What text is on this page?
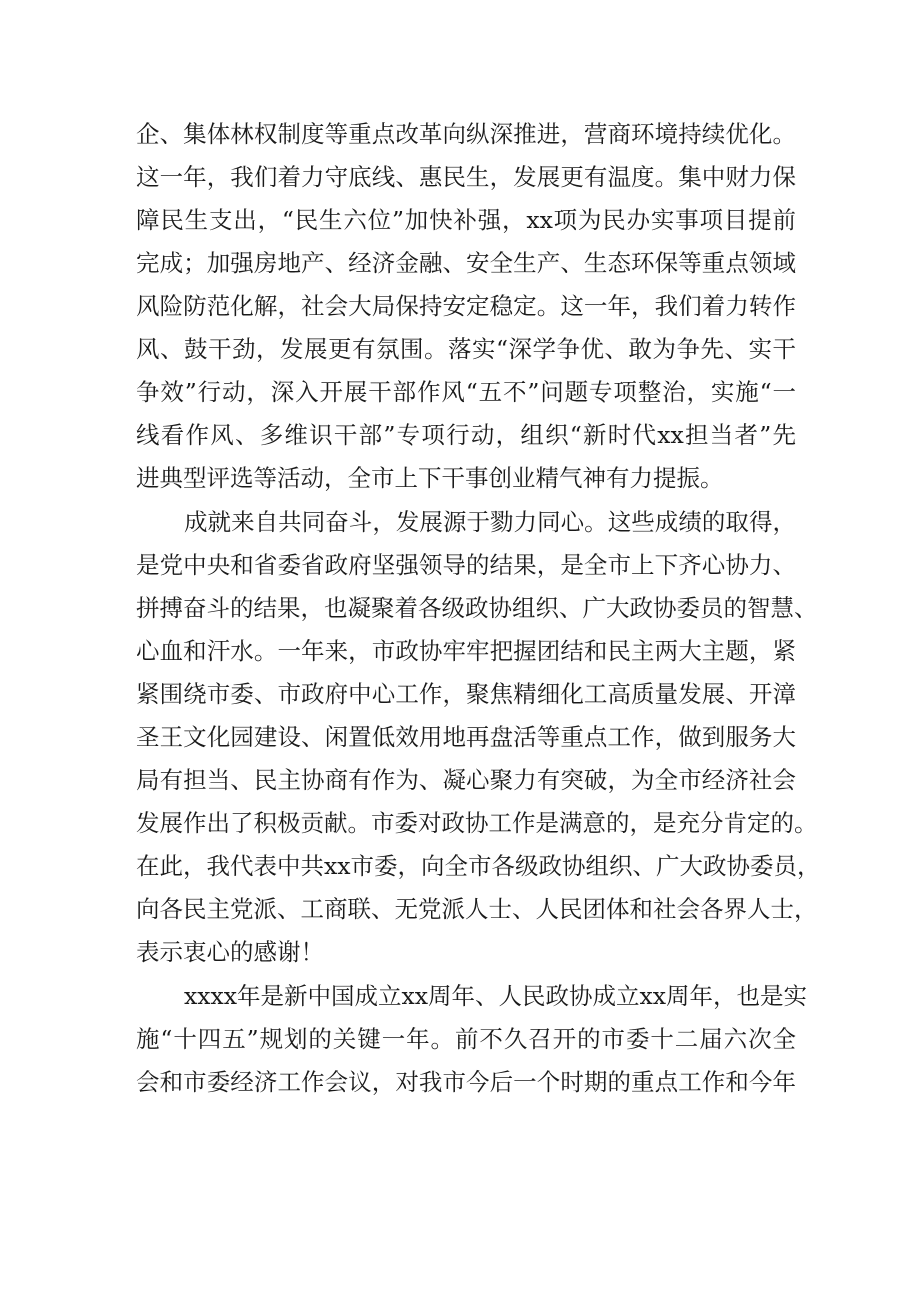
企、集体林权制度等重点改革向纵深推进，营商环境持续优化。
这一年，我们着力守底线、惠民生，发展更有温度。集中财力保
障民生支出，“民生六位”加快补强，xx项为民办实事项目提前
完成；加强房地产、经济金融、安全生产、生态环保等重点领域
风险防范化解，社会大局保持安定稳定。这一年，我们着力转作
风、鼓干劲，发展更有氛围。落实“深学争优、敢为争先、实干
争效”行动，深入开展干部作风“五不”问题专项整治，实施“一
线看作风、多维识干部”专项行动，组织“新时代xx担当者”先
进典型评选等活动，全市上下干事创业精气神有力提振。
成就来自共同奋斗，发展源于勠力同心。这些成绩的取得，
是党中央和省委省政府坚强领导的结果，是全市上下齐心协力、
拼搏奋斗的结果，也凝聚着各级政协组织、广大政协委员的智慧、
心血和汗水。一年来，市政协牢牢把握团结和民主两大主题，紧
紧围绕市委、市政府中心工作，聚焦精细化工高质量发展、开漳
圣王文化园建设、闲置低效用地再盘活等重点工作，做到服务大
局有担当、民主协商有作为、凝心聚力有突破，为全市经济社会
发展作出了积极贡献。市委对政协工作是满意的，是充分肯定的。
在此，我代表中共xx市委，向全市各级政协组织、广大政协委员，
向各民主党派、工商联、无党派人士、人民团体和社会各界人士，
表示衷心的感谢！
xxxx年是新中国成立xx周年、人民政协成立xx周年，也是实
施“十四五”规划的关键一年。前不久召开的市委十二届六次全
会和市委经济工作会议，对我市今后一个时期的重点工作和今年
